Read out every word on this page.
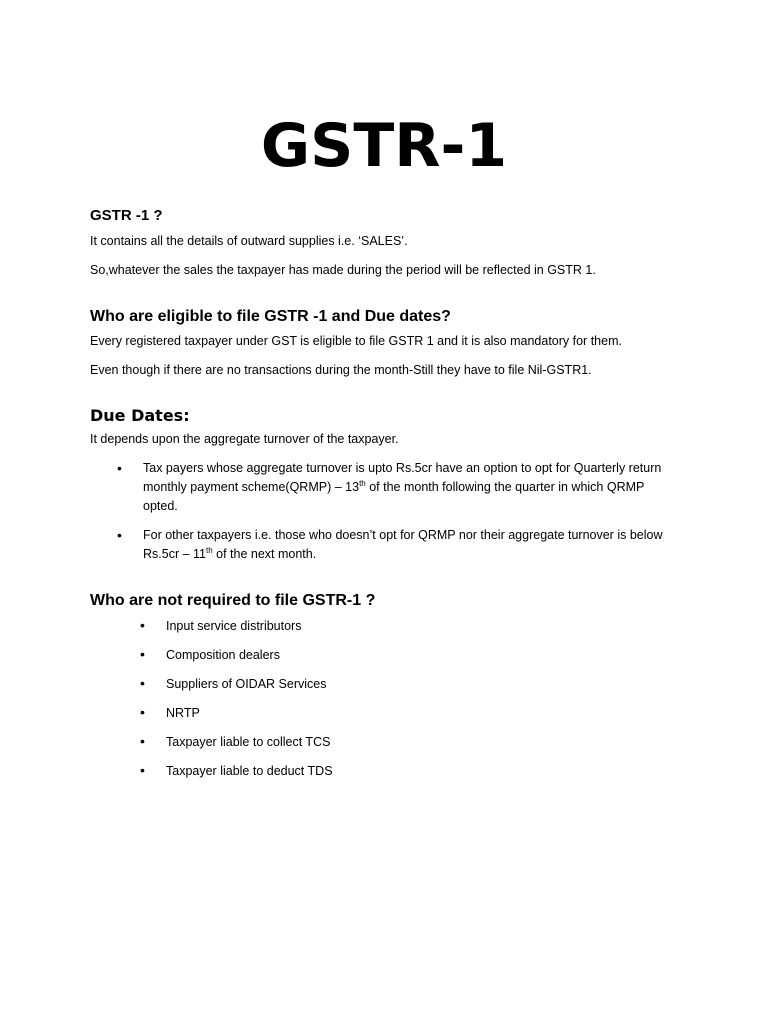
GSTR-1
GSTR -1 ?

It contains all the details of outward supplies i.e. ‘SALES’.

So,whatever the sales the taxpayer has made during the period will be reflected in GSTR 1.

Who are eligible to file GSTR -1 and Due dates?

Every registered taxpayer under GST is eligible to file GSTR 1 and it is also mandatory for them.

Even though if there are no transactions during the month-Still they have to file Nil-GSTR1.

Due Dates:

It depends upon the aggregate turnover of the taxpayer.

• Tax payers whose aggregate turnover is upto Rs.5cr have an option to opt for Quarterly return
monthly payment scheme(QRMP) – 13th of the month following the quarter in which QRMP
opted.
• For other taxpayers i.e. those who doesn’t opt for QRMP nor their aggregate turnover is below
Rs.5cr – 11th of the next month.
Who are not required to file GSTR-1 ?
• Input service distributors
• Composition dealers
• Suppliers of OIDAR Services
• NRTP
• Taxpayer liable to collect TCS
• Taxpayer liable to deduct TDS
